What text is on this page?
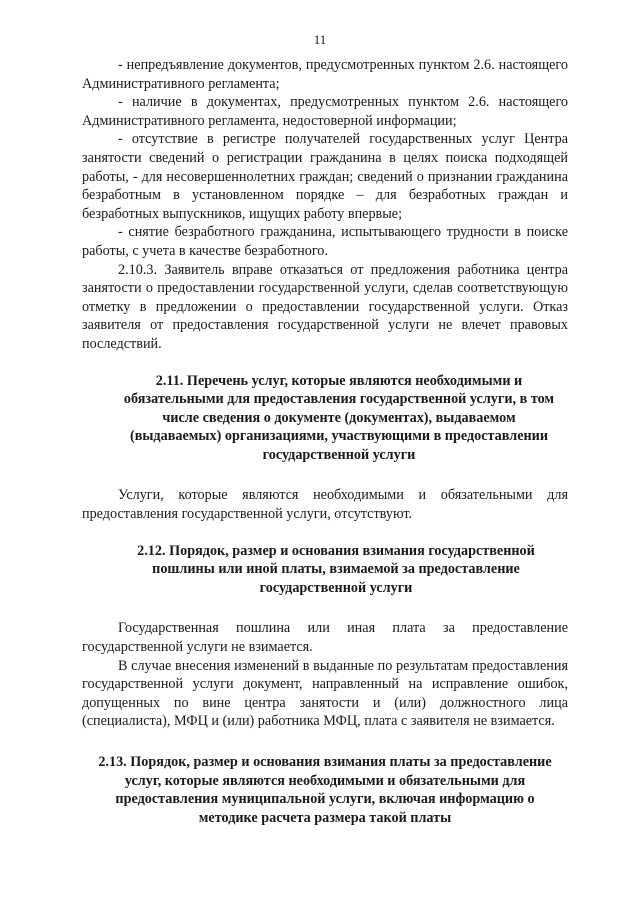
11

- непредъявление документов, предусмотренных пунктом 2.6. настоящего Административного регламента;

- наличие в документах, предусмотренных пунктом 2.6. настоящего Административного регламента, недостоверной информации;

- отсутствие в регистре получателей государственных услуг Центра занятости сведений о регистрации гражданина в целях поиска подходящей работы, - для несовершеннолетних граждан; сведений о признании гражданина безработным в установленном порядке – для безработных граждан и безработных выпускников, ищущих работу впервые;

- снятие безработного гражданина, испытывающего трудности в поиске работы, с учета в качестве безработного.

2.10.3. Заявитель вправе отказаться от предложения работника центра занятости о предоставлении государственной услуги, сделав соответствующую отметку в предложении о предоставлении государственной услуги. Отказ заявителя от предоставления государственной услуги не влечет правовых последствий.

2.11. Перечень услуг, которые являются необходимыми и обязательными для предоставления государственной услуги, в том числе сведения о документе (документах), выдаваемом (выдаваемых) организациями, участвующими в предоставлении государственной услуги

Услуги, которые являются необходимыми и обязательными для предоставления государственной услуги, отсутствуют.

2.12. Порядок, размер и основания взимания государственной пошлины или иной платы, взимаемой за предоставление государственной услуги

Государственная пошлина или иная плата за предоставление государственной услуги не взимается.

В случае внесения изменений в выданные по результатам предоставления государственной услуги документ, направленный на исправление ошибок, допущенных по вине центра занятости и (или) должностного лица (специалиста), МФЦ и (или) работника МФЦ, плата с заявителя не взимается.

2.13. Порядок, размер и основания взимания платы за предоставление услуг, которые являются необходимыми и обязательными для предоставления муниципальной услуги, включая информацию о методике расчета размера такой платы
